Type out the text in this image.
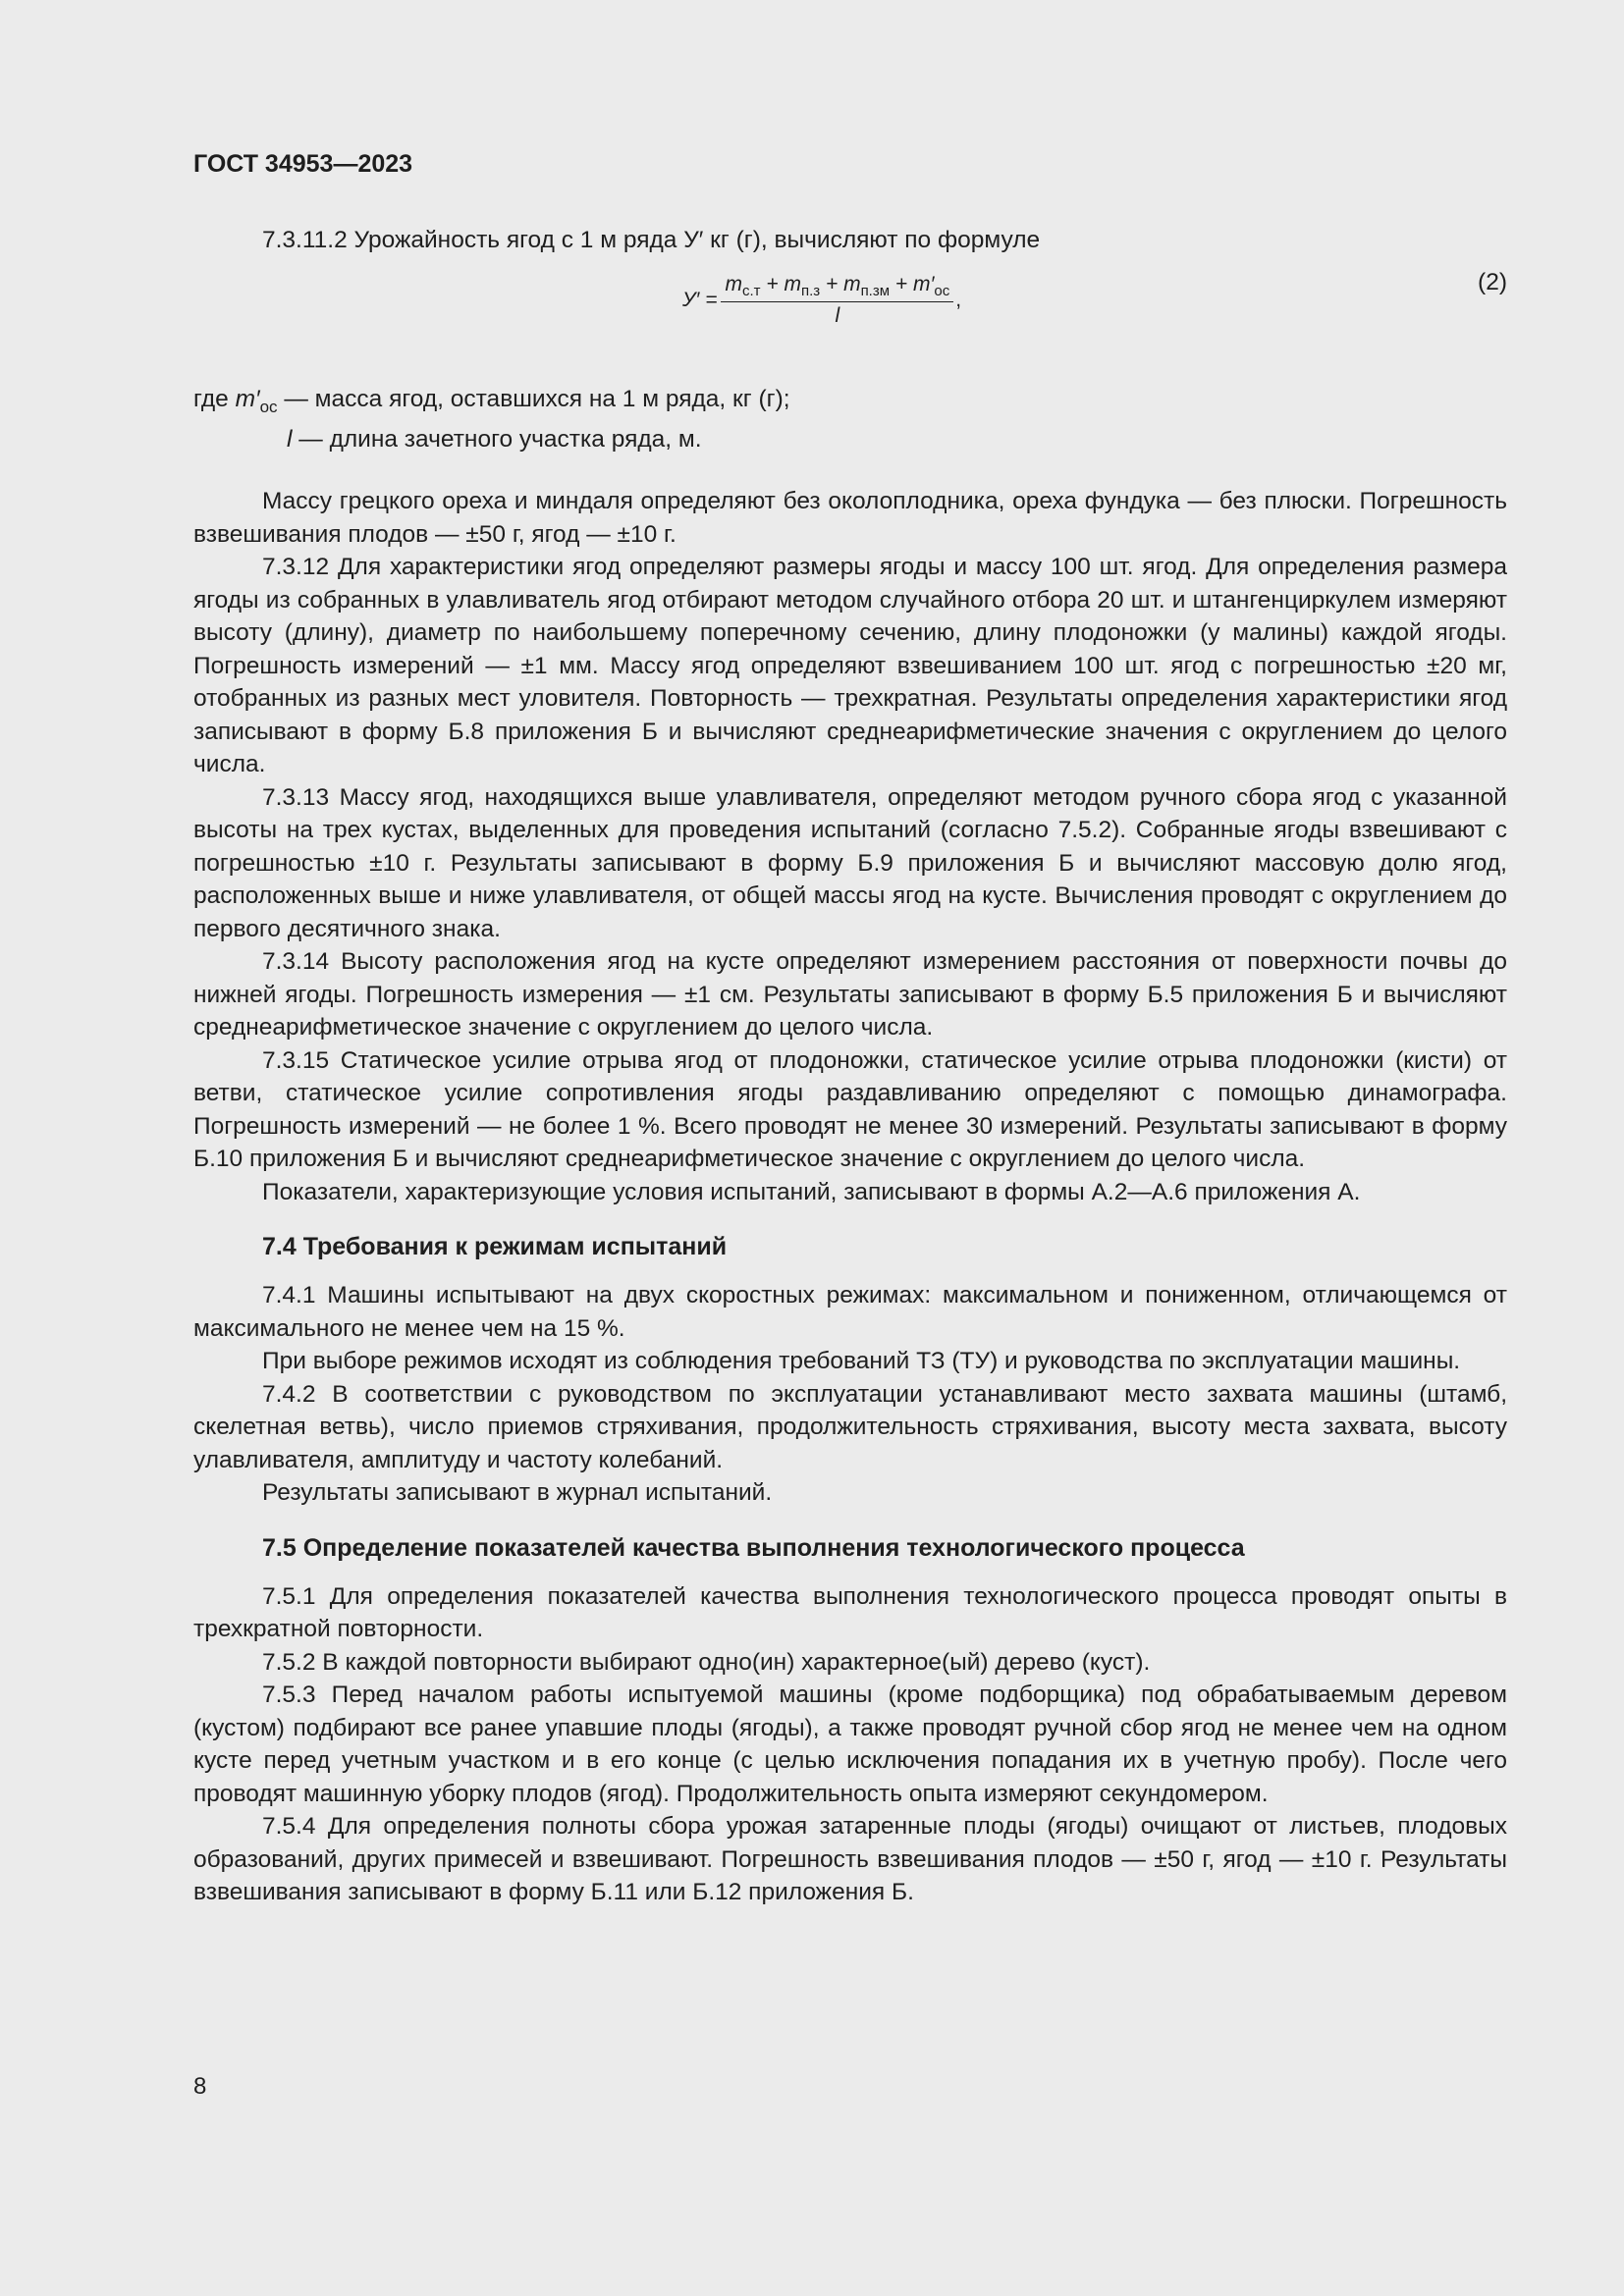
ГОСТ 34953—2023

7.3.11.2 Урожайность ягод с 1 м ряда У′ кг (г), вычисляют по формуле

$У' = \frac{m_{с.т} + m_{п.з} + m_{п.зм} + m'_{ос}}{l}$ ,
(2)
где $m'_{ос}$ — масса ягод, оставшихся на 1 м ряда, кг (г);
l — длина зачетного участка ряда, м.

Массу грецкого ореха и миндаля определяют без околоплодника, ореха фундука — без плюски. Погрешность взвешивания плодов — ±50 г, ягод — ±10 г.

7.3.12 Для характеристики ягод определяют размеры ягоды и массу 100 шт. ягод. Для определения размера ягоды из собранных в улавливатель ягод отбирают методом случайного отбора 20 шт. и штангенциркулем измеряют высоту (длину), диаметр по наибольшему поперечному сечению, длину плодоножки (у малины) каждой ягоды. Погрешность измерений — ±1 мм. Массу ягод определяют взвешиванием 100 шт. ягод с погрешностью ±20 мг, отобранных из разных мест уловителя. Повторность — трехкратная. Результаты определения характеристики ягод записывают в форму Б.8 приложения Б и вычисляют среднеарифметические значения с округлением до целого числа.

7.3.13 Массу ягод, находящихся выше улавливателя, определяют методом ручного сбора ягод с указанной высоты на трех кустах, выделенных для проведения испытаний (согласно 7.5.2). Собранные ягоды взвешивают с погрешностью ±10 г. Результаты записывают в форму Б.9 приложения Б и вычисляют массовую долю ягод, расположенных выше и ниже улавливателя, от общей массы ягод на кусте. Вычисления проводят с округлением до первого десятичного знака.

7.3.14 Высоту расположения ягод на кусте определяют измерением расстояния от поверхности почвы до нижней ягоды. Погрешность измерения — ±1 см. Результаты записывают в форму Б.5 приложения Б и вычисляют среднеарифметическое значение с округлением до целого числа.

7.3.15 Статическое усилие отрыва ягод от плодоножки, статическое усилие отрыва плодоножки (кисти) от ветви, статическое усилие сопротивления ягоды раздавливанию определяют с помощью динамографа. Погрешность измерений — не более 1 %. Всего проводят не менее 30 измерений. Результаты записывают в форму Б.10 приложения Б и вычисляют среднеарифметическое значение с округлением до целого числа.

Показатели, характеризующие условия испытаний, записывают в формы А.2—А.6 приложения А.

7.4 Требования к режимам испытаний

7.4.1 Машины испытывают на двух скоростных режимах: максимальном и пониженном, отличающемся от максимального не менее чем на 15 %.

При выборе режимов исходят из соблюдения требований ТЗ (ТУ) и руководства по эксплуатации машины.

7.4.2 В соответствии с руководством по эксплуатации устанавливают место захвата машины (штамб, скелетная ветвь), число приемов стряхивания, продолжительность стряхивания, высоту места захвата, высоту улавливателя, амплитуду и частоту колебаний.

Результаты записывают в журнал испытаний.

7.5 Определение показателей качества выполнения технологического процесса

7.5.1 Для определения показателей качества выполнения технологического процесса проводят опыты в трехкратной повторности.

7.5.2 В каждой повторности выбирают одно(ин) характерное(ый) дерево (куст).

7.5.3 Перед началом работы испытуемой машины (кроме подборщика) под обрабатываемым деревом (кустом) подбирают все ранее упавшие плоды (ягоды), а также проводят ручной сбор ягод не менее чем на одном кусте перед учетным участком и в его конце (с целью исключения попадания их в учетную пробу). После чего проводят машинную уборку плодов (ягод). Продолжительность опыта измеряют секундомером.

7.5.4 Для определения полноты сбора урожая затаренные плоды (ягоды) очищают от листьев, плодовых образований, других примесей и взвешивают. Погрешность взвешивания плодов — ±50 г, ягод — ±10 г. Результаты взвешивания записывают в форму Б.11 или Б.12 приложения Б.

8
